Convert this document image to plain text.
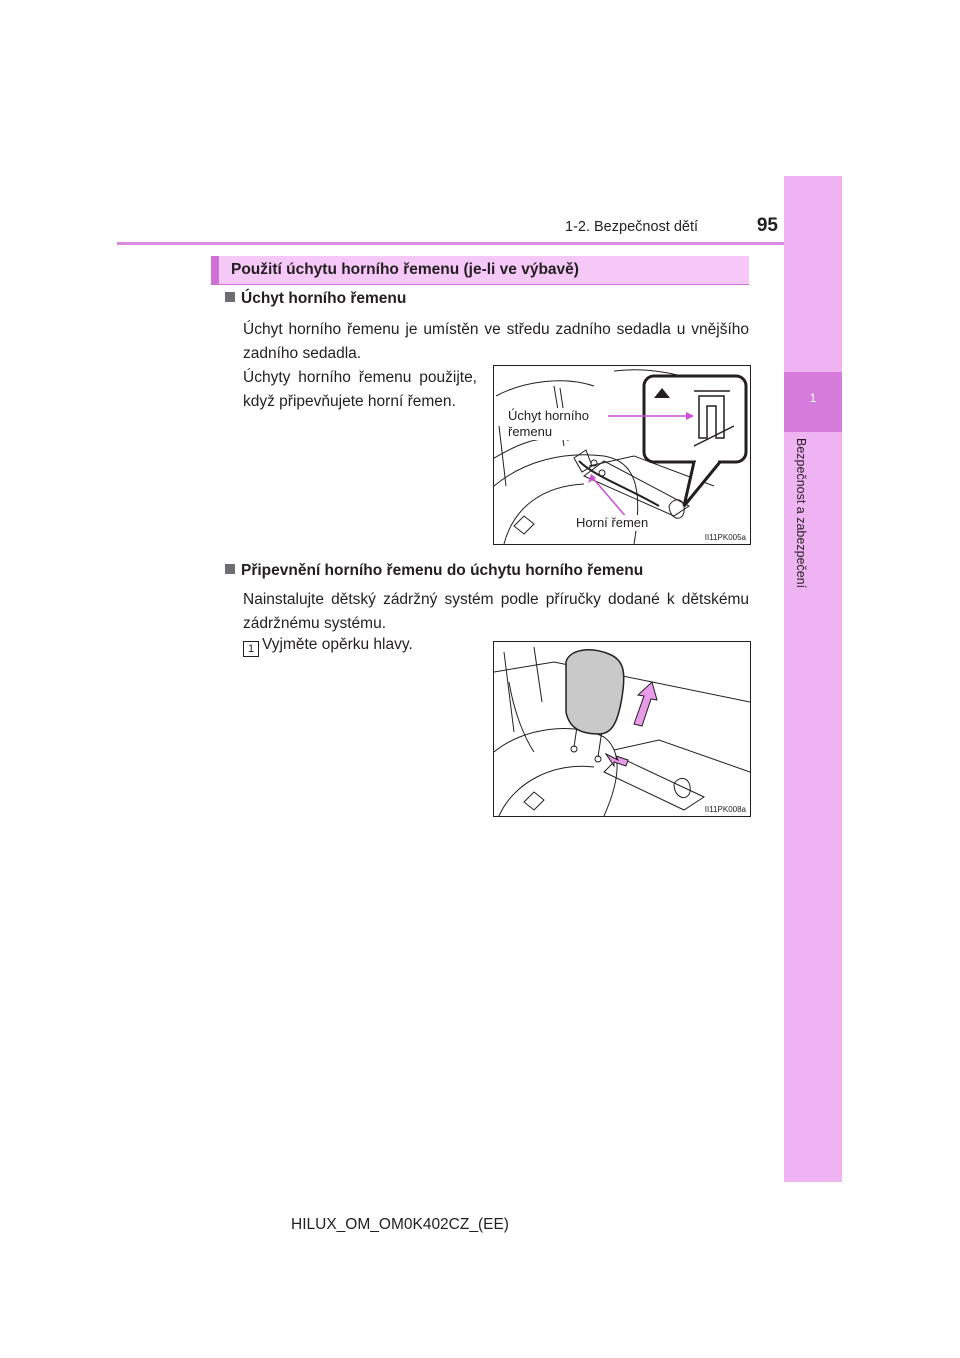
1-2. Bezpečnost dětí	95
1
Bezpečnost a zabezpečení
Použití úchytu horního řemenu (je-li ve výbavě)
Úchyt horního řemenu
Úchyt horního řemenu je umístěn ve středu zadního sedadla u vnějšího zadního sedadla.
Úchyty horního řemenu použijte, když připevňujete horní řemen.
Úchyt horního řemenu
Horní řemen
II11PK005a
Připevnění horního řemenu do úchytu horního řemenu
Nainstalujte dětský zádržný systém podle příručky dodané k dětskému zádržnému systému.
1 Vyjměte opěrku hlavy.
II11PK008a
HILUX_OM_OM0K402CZ_(EE)
